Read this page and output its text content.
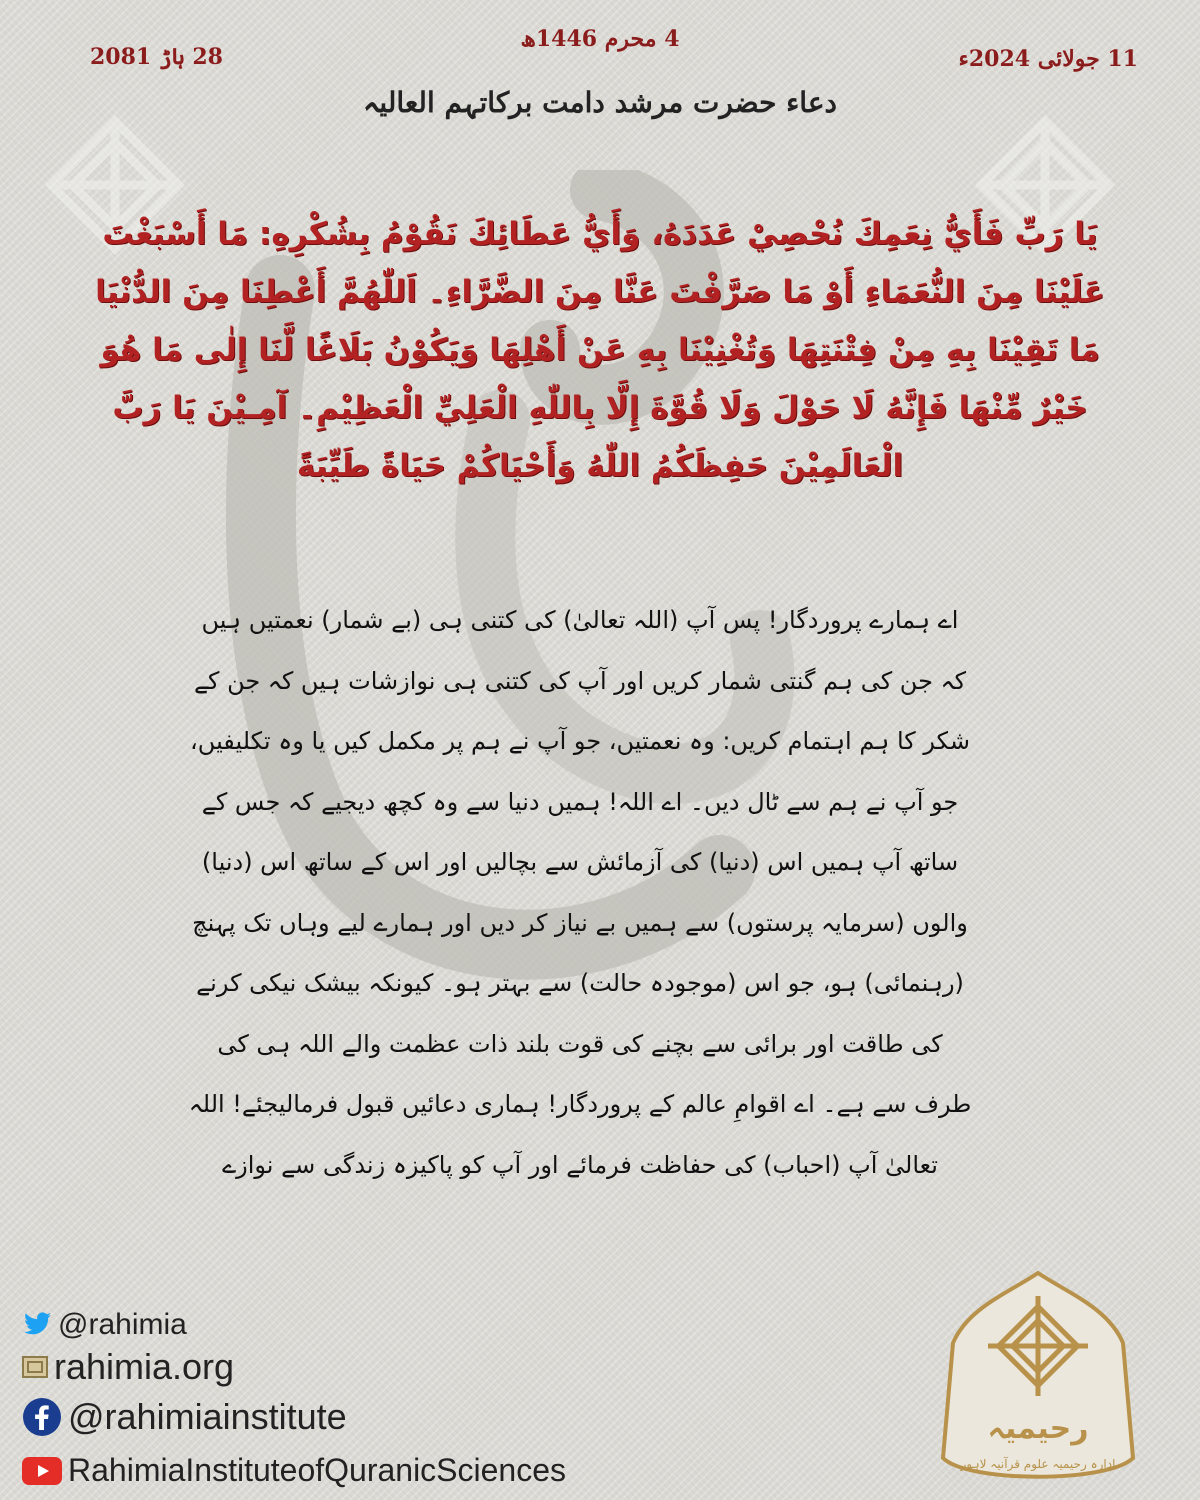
4 محرم 1446ھ
11 جولائی 2024ء
28 ہاڑ 2081
دعاء حضرت مرشد دامت برکاتہم العالیہ
يَا رَبِّ فَأَيُّ نِعَمِكَ نُحْصِيْ عَدَدَهُ، وَأَيُّ عَطَائِكَ نَقُوْمُ بِشُكْرِهِ: مَا أَسْبَغْتَ عَلَيْنَا مِنَ النُّعَمَاءِ أَوْ مَا صَرَّفْتَ عَنَّا مِنَ الضَّرَّاءِ۔ اَللّٰهُمَّ أَعْطِنَا مِنَ الدُّنْيَا مَا تَقِيْنَا بِهِ مِنْ فِتْنَتِهَا وَتُغْنِيْنَا بِهِ عَنْ أَهْلِهَا وَيَكُوْنُ بَلَاغًا لَّنَا إِلٰى مَا هُوَ خَيْرٌ مِّنْهَا فَإِنَّهُ لَا حَوْلَ وَلَا قُوَّةَ إِلَّا بِاللّٰهِ الْعَلِيِّ الْعَظِيْمِ۔ آمِـيْنَ يَا رَبَّ الْعَالَمِيْنَ حَفِظَكُمُ اللّٰهُ وَأَحْيَاكُمْ حَيَاةً طَيِّبَةً
اے ہمارے پروردگار! پس آپ (اللہ تعالیٰ) کی کتنی ہی (بے شمار) نعمتیں ہیں کہ جن کی ہم گنتی شمار کریں اور آپ کی کتنی ہی نوازشات ہیں کہ جن کے شکر کا ہم اہتمام کریں: وہ نعمتیں، جو آپ نے ہم پر مکمل کیں یا وہ تکلیفیں، جو آپ نے ہم سے ٹال دیں۔ اے اللہ! ہمیں دنیا سے وہ کچھ دیجیے کہ جس کے ساتھ آپ ہمیں اس (دنیا) کی آزمائش سے بچالیں اور اس کے ساتھ اس (دنیا) والوں (سرمایہ پرستوں) سے ہمیں بے نیاز کر دیں اور ہمارے لیے وہاں تک پہنچ (رہنمائی) ہو، جو اس (موجودہ حالت) سے بہتر ہو۔ کیونکہ بیشک نیکی کرنے کی طاقت اور برائی سے بچنے کی قوت بلند ذات عظمت والے اللہ ہی کی طرف سے ہے۔ اے اقوامِ عالم کے پروردگار! ہماری دعائیں قبول فرمالیجئے! اللہ تعالیٰ آپ (احباب) کی حفاظت فرمائے اور آپ کو پاکیزہ زندگی سے نوازے
@rahimia
rahimia.org
@rahimiainstitute
RahimiaInstituteofQuranicSciences
رحیمیہ
ادارہ رحیمیہ علوم قرآنیہ لاہور
